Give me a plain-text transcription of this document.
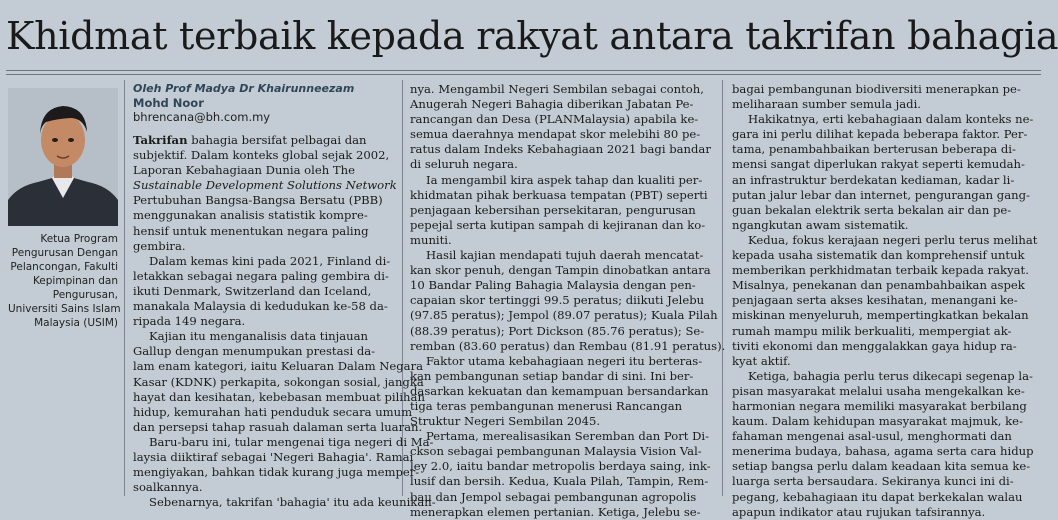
Khidmat terbaik kepada rakyat antara takrifan bahagia
Ketua Program
Pengurusan Dengan
Pelancongan, Fakulti
Kepimpinan dan
Pengurusan,
Universiti Sains Islam
Malaysia (USIM)
Oleh Prof Madya Dr Khairunneezam
Mohd Noor
bhrencana@bh.com.my

Takrifan bahagia bersifat pelbagai dan

subjektif. Dalam konteks global sejak 2002,
Laporan Kebahagiaan Dunia oleh The
Sustainable Development Solutions Network
Pertubuhan Bangsa-Bangsa Bersatu (PBB)
menggunakan analisis statistik kompre-
hensif untuk menentukan negara paling
gembira.
Dalam kemas kini pada 2021, Finland di-
letakkan sebagai negara paling gembira di-
ikuti Denmark, Switzerland dan Iceland,
manakala Malaysia di kedudukan ke-58 da-
ripada 149 negara.
Kajian itu menganalisis data tinjauan
Gallup dengan menumpukan prestasi da-
lam enam kategori, iaitu Keluaran Dalam Negara
Kasar (KDNK) perkapita, sokongan sosial, jangka
hayat dan kesihatan, kebebasan membuat pilihan
hidup, kemurahan hati penduduk secara umum
dan persepsi tahap rasuah dalaman serta luaran.
Baru-baru ini, tular mengenai tiga negeri di Ma-
laysia diiktiraf sebagai 'Negeri Bahagia'. Ramai
mengiyakan, bahkan tidak kurang juga memper-
soalkannya.
Sebenarnya, takrifan 'bahagia' itu ada keunikan-
nya. Mengambil Negeri Sembilan sebagai contoh,
Anugerah Negeri Bahagia diberikan Jabatan Pe-
rancangan dan Desa (PLANMalaysia) apabila ke-
semua daerahnya mendapat skor melebihi 80 pe-
ratus dalam Indeks Kebahagiaan 2021 bagi bandar
di seluruh negara.
Ia mengambil kira aspek tahap dan kualiti per-
khidmatan pihak berkuasa tempatan (PBT) seperti
penjagaan kebersihan persekitaran, pengurusan
pepejal serta kutipan sampah di kejiranan dan ko-
muniti.
Hasil kajian mendapati tujuh daerah mencatat-
kan skor penuh, dengan Tampin dinobatkan antara
10 Bandar Paling Bahagia Malaysia dengan pen-
capaian skor tertinggi 99.5 peratus; diikuti Jelebu
(97.85 peratus); Jempol (89.07 peratus); Kuala Pilah
(88.39 peratus); Port Dickson (85.76 peratus); Se-
remban (83.60 peratus) dan Rembau (81.91 peratus).
Faktor utama kebahagiaan negeri itu berteras-
kan pembangunan setiap bandar di sini. Ini ber-
dasarkan kekuatan dan kemampuan bersandarkan
tiga teras pembangunan menerusi Rancangan
Struktur Negeri Sembilan 2045.
Pertama, merealisasikan Seremban dan Port Di-
ckson sebagai pembangunan Malaysia Vision Val-
ley 2.0, iaitu bandar metropolis berdaya saing, ink-
lusif dan bersih. Kedua, Kuala Pilah, Tampin, Rem-
bau dan Jempol sebagai pembangunan agropolis
menerapkan elemen pertanian. Ketiga, Jelebu se-
bagai pembangunan biodiversiti menerapkan pe-
meliharaan sumber semula jadi.
Hakikatnya, erti kebahagiaan dalam konteks ne-
gara ini perlu dilihat kepada beberapa faktor. Per-
tama, penambahbaikan berterusan beberapa di-
mensi sangat diperlukan rakyat seperti kemudah-
an infrastruktur berdekatan kediaman, kadar li-
putan jalur lebar dan internet, pengurangan gang-
guan bekalan elektrik serta bekalan air dan pe-
ngangkutan awam sistematik.
Kedua, fokus kerajaan negeri perlu terus melihat
kepada usaha sistematik dan komprehensif untuk
memberikan perkhidmatan terbaik kepada rakyat.
Misalnya, penekanan dan penambahbaikan aspek
penjagaan serta akses kesihatan, menangani ke-
miskinan menyeluruh, mempertingkatkan bekalan
rumah mampu milik berkualiti, mempergiat ak-
tiviti ekonomi dan menggalakkan gaya hidup ra-
kyat aktif.
Ketiga, bahagia perlu terus dikecapi segenap la-
pisan masyarakat melalui usaha mengekalkan ke-
harmonian negara memiliki masyarakat berbilang
kaum. Dalam kehidupan masyarakat majmuk, ke-
fahaman mengenai asal-usul, menghormati dan
menerima budaya, bahasa, agama serta cara hidup
setiap bangsa perlu dalam keadaan kita semua ke-
luarga serta bersaudara. Sekiranya kunci ini di-
pegang, kebahagiaan itu dapat berkekalan walau
apapun indikator atau rujukan tafsirannya.
